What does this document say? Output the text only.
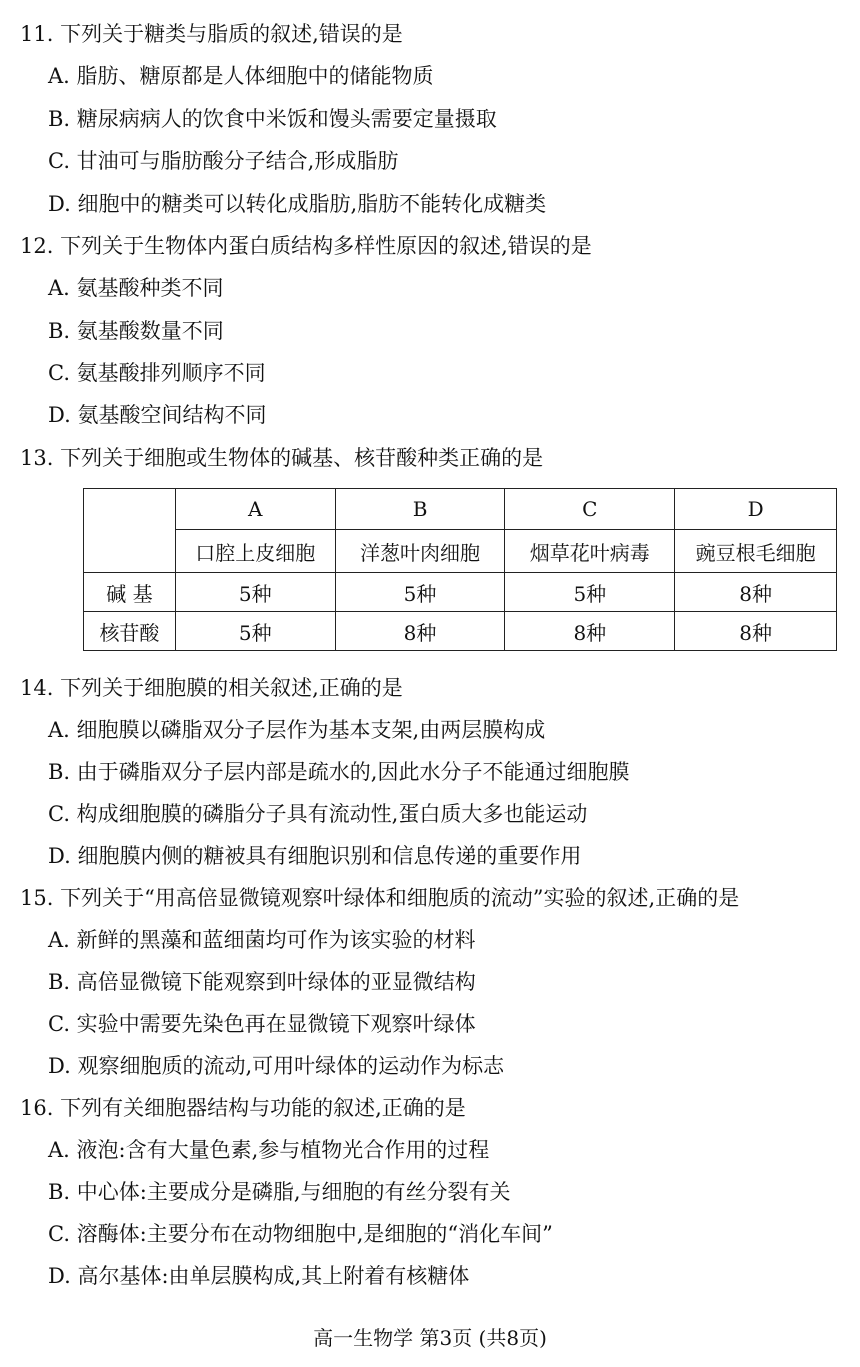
11. 下列关于糖类与脂质的叙述,错误的是
A. 脂肪、糖原都是人体细胞中的储能物质
B. 糖尿病病人的饮食中米饭和馒头需要定量摄取
C. 甘油可与脂肪酸分子结合,形成脂肪
D. 细胞中的糖类可以转化成脂肪,脂肪不能转化成糖类
12. 下列关于生物体内蛋白质结构多样性原因的叙述,错误的是
A. 氨基酸种类不同
B. 氨基酸数量不同
C. 氨基酸排列顺序不同
D. 氨基酸空间结构不同
13. 下列关于细胞或生物体的碱基、核苷酸种类正确的是
	A	B	C	D
	口腔上皮细胞	洋葱叶肉细胞	烟草花叶病毒	豌豆根毛细胞
碱 基	5种	5种	5种	8种
核苷酸	5种	8种	8种	8种
14. 下列关于细胞膜的相关叙述,正确的是
A. 细胞膜以磷脂双分子层作为基本支架,由两层膜构成
B. 由于磷脂双分子层内部是疏水的,因此水分子不能通过细胞膜
C. 构成细胞膜的磷脂分子具有流动性,蛋白质大多也能运动
D. 细胞膜内侧的糖被具有细胞识别和信息传递的重要作用
15. 下列关于“用高倍显微镜观察叶绿体和细胞质的流动”实验的叙述,正确的是
A. 新鲜的黑藻和蓝细菌均可作为该实验的材料
B. 高倍显微镜下能观察到叶绿体的亚显微结构
C. 实验中需要先染色再在显微镜下观察叶绿体
D. 观察细胞质的流动,可用叶绿体的运动作为标志
16. 下列有关细胞器结构与功能的叙述,正确的是
A. 液泡:含有大量色素,参与植物光合作用的过程
B. 中心体:主要成分是磷脂,与细胞的有丝分裂有关
C. 溶酶体:主要分布在动物细胞中,是细胞的“消化车间”
D. 高尔基体:由单层膜构成,其上附着有核糖体
高一生物学 第3页 (共8页)
